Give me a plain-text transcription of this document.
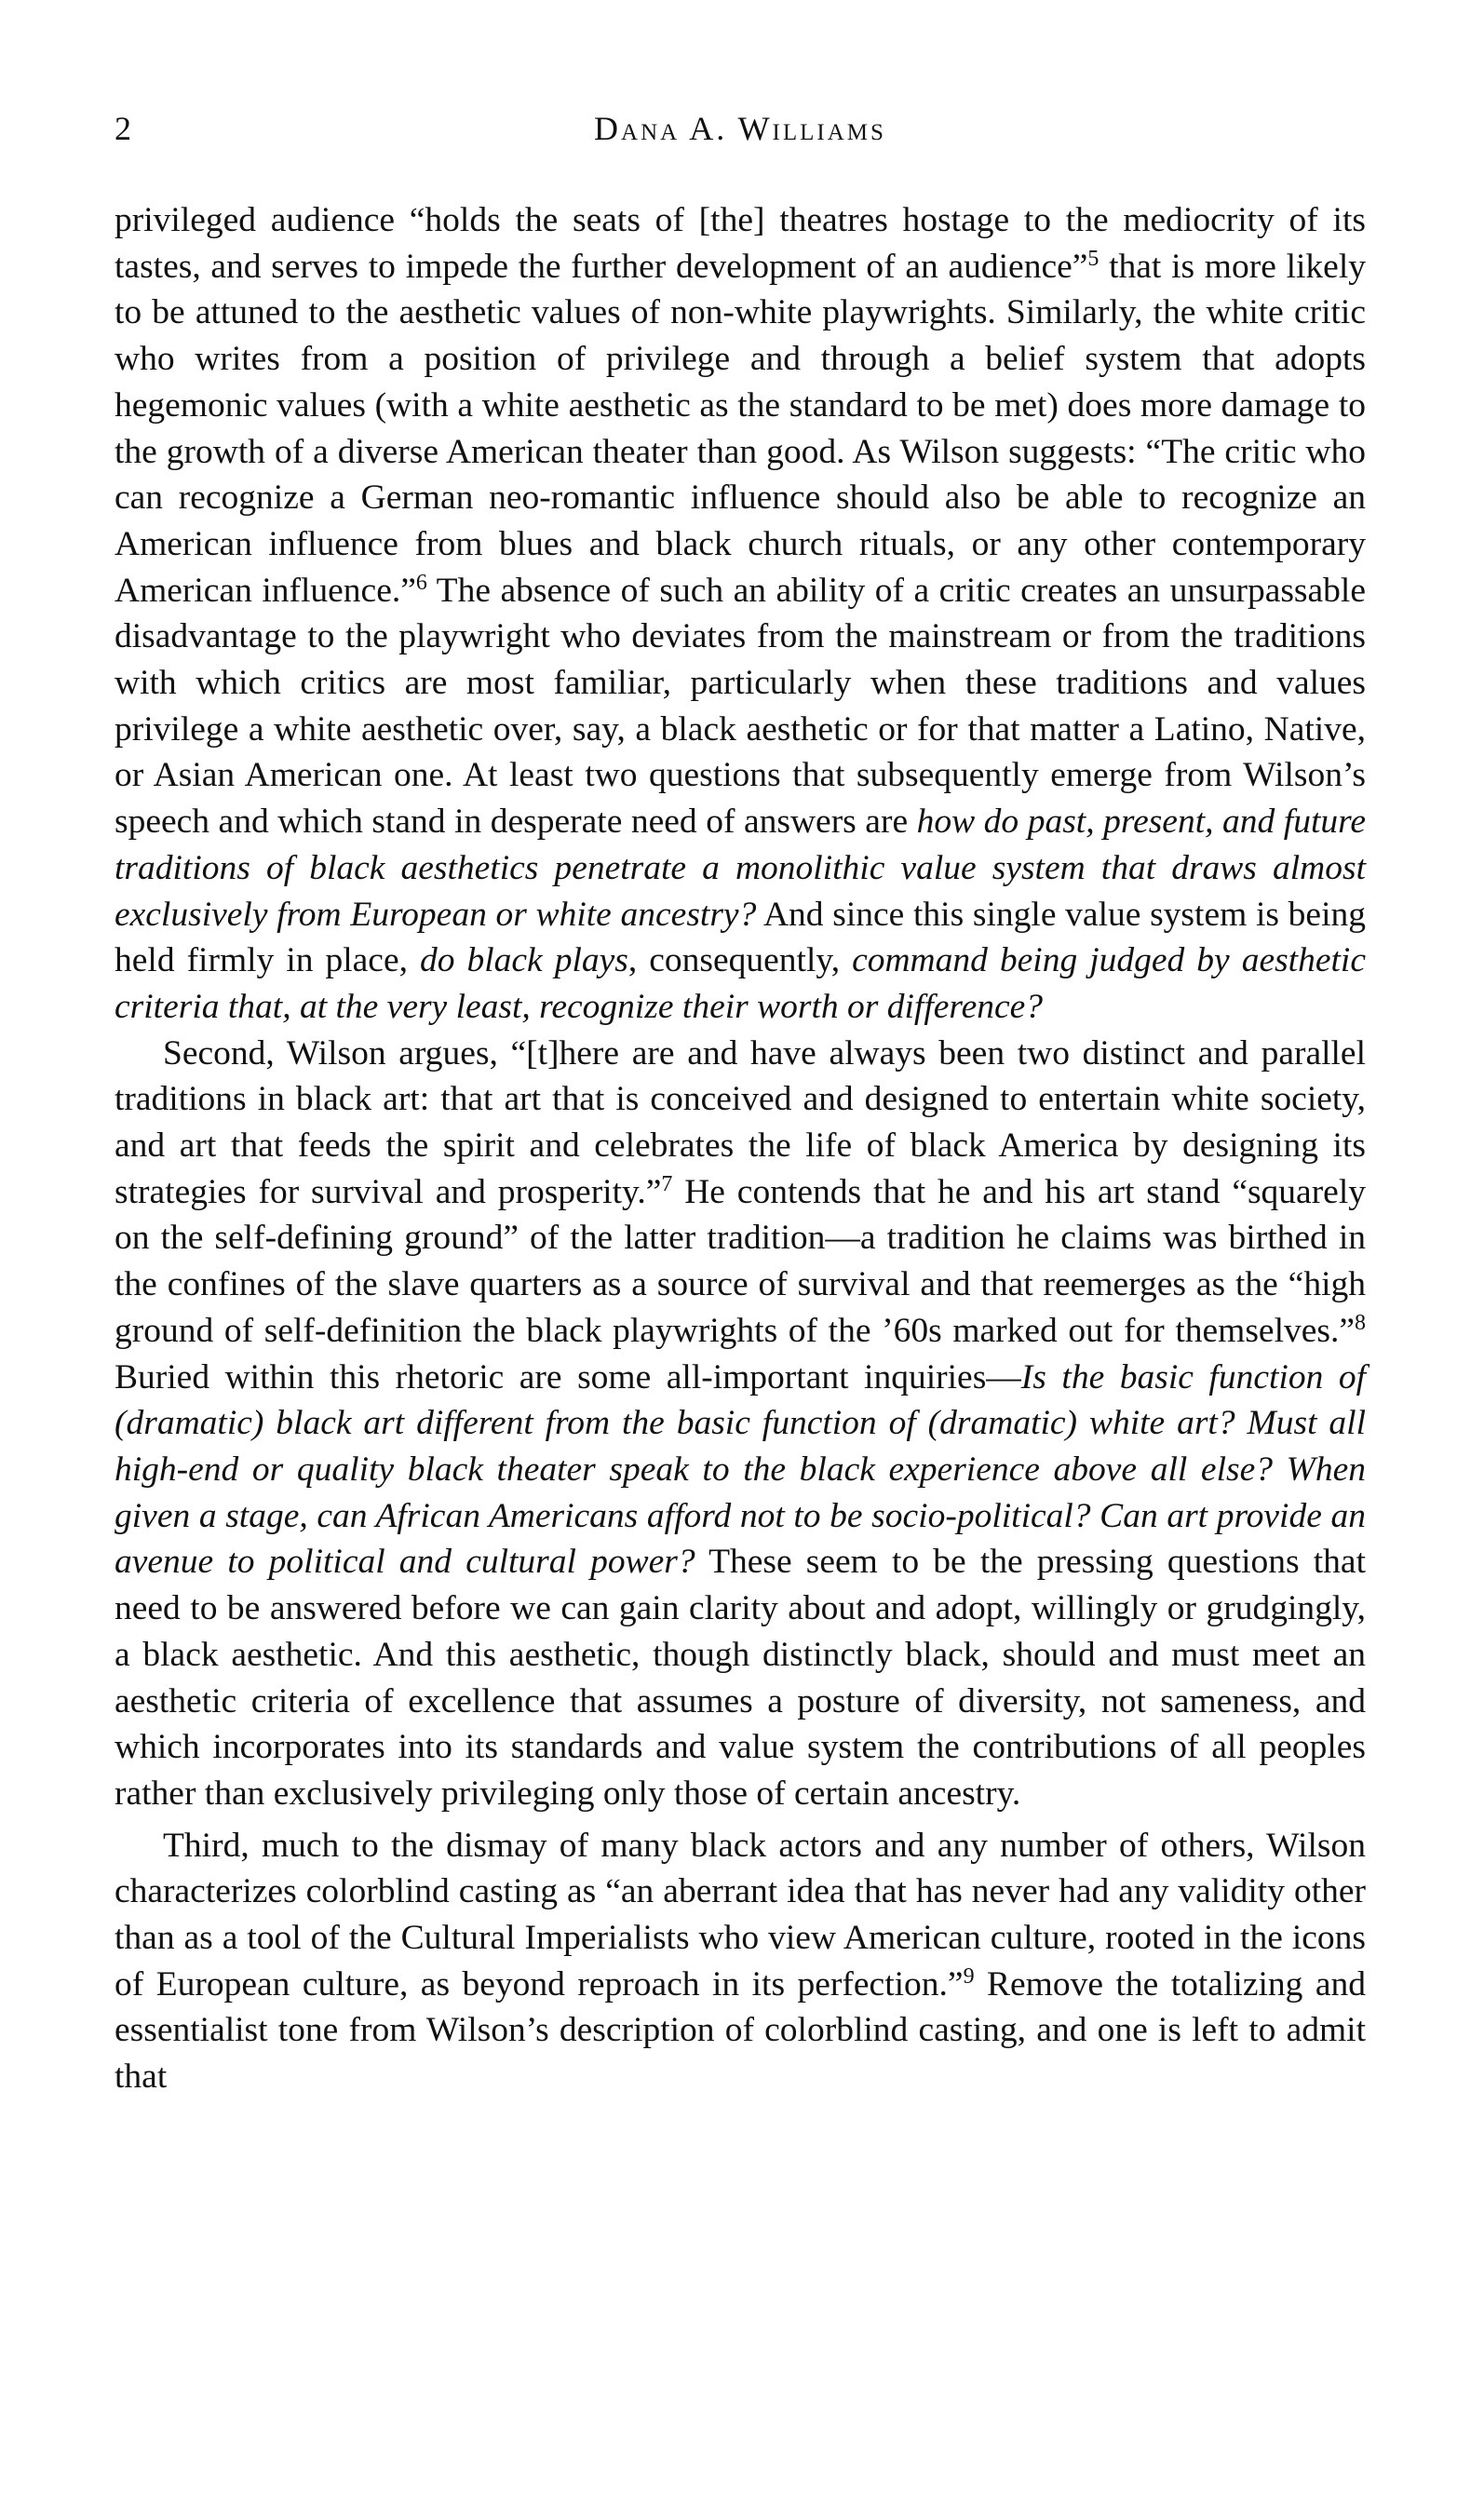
2	Dana A. Williams

privileged audience “holds the seats of [the] theatres hostage to the mediocrity of its tastes, and serves to impede the further development of an audience”$^5$ that is more likely to be attuned to the aesthetic values of non-white playwrights. Similarly, the white critic who writes from a position of privilege and through a belief system that adopts hegemonic values (with a white aesthetic as the standard to be met) does more damage to the growth of a diverse American theater than good. As Wilson suggests: “The critic who can recognize a German neo-romantic influence should also be able to recognize an American influence from blues and black church rituals, or any other contemporary American influence.”$^6$ The absence of such an ability of a critic creates an unsurpassable disadvantage to the playwright who deviates from the mainstream or from the traditions with which critics are most familiar, particularly when these traditions and values privilege a white aesthetic over, say, a black aesthetic or for that matter a Latino, Native, or Asian American one. At least two questions that subsequently emerge from Wilson’s speech and which stand in desperate need of answers are how do past, present, and future traditions of black aesthetics penetrate a monolithic value system that draws almost exclusively from European or white ancestry? And since this single value system is being held firmly in place, do black plays, consequently, command being judged by aesthetic criteria that, at the very least, recognize their worth or difference?

Second, Wilson argues, “[t]here are and have always been two distinct and parallel traditions in black art: that art that is conceived and designed to entertain white society, and art that feeds the spirit and celebrates the life of black America by designing its strategies for survival and prosperity.”$^7$ He contends that he and his art stand “squarely on the self-defining ground” of the latter tradition—a tradition he claims was birthed in the confines of the slave quarters as a source of survival and that reemerges as the “high ground of self-definition the black playwrights of the ’60s marked out for themselves.”$^8$ Buried within this rhetoric are some all-important inquiries—Is the basic function of (dramatic) black art different from the basic function of (dramatic) white art? Must all high-end or quality black theater speak to the black experience above all else? When given a stage, can African Americans afford not to be socio-political? Can art provide an avenue to political and cultural power? These seem to be the pressing questions that need to be answered before we can gain clarity about and adopt, willingly or grudgingly, a black aesthetic. And this aesthetic, though distinctly black, should and must meet an aesthetic criteria of excellence that assumes a posture of diversity, not sameness, and which incorporates into its standards and value system the contributions of all peoples rather than exclusively privileging only those of certain ancestry.

Third, much to the dismay of many black actors and any number of others, Wilson characterizes colorblind casting as “an aberrant idea that has never had any validity other than as a tool of the Cultural Imperialists who view American culture, rooted in the icons of European culture, as beyond reproach in its perfection.”$^9$ Remove the totalizing and essentialist tone from Wilson’s description of colorblind casting, and one is left to admit that
